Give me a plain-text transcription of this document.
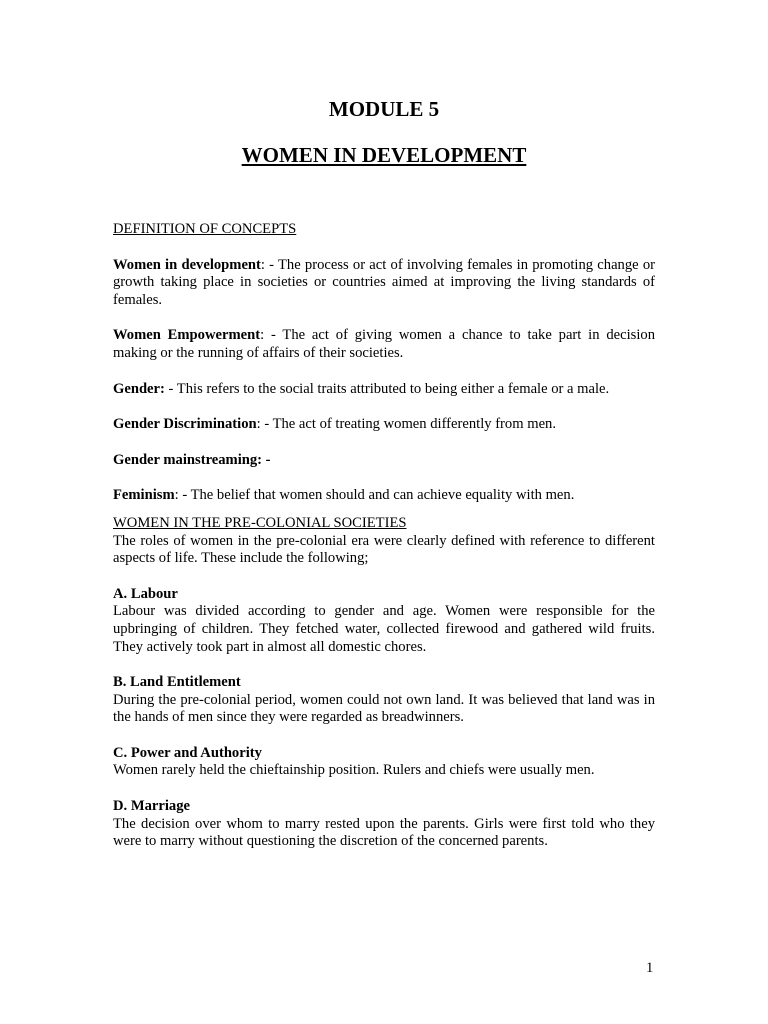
MODULE 5
WOMEN IN DEVELOPMENT
DEFINITION OF CONCEPTS

Women in development: - The process or act of involving females in promoting change or growth taking place in societies or countries aimed at improving the living standards of females.

Women Empowerment: - The act of giving women a chance to take part in decision making or the running of affairs of their societies.

Gender: - This refers to the social traits attributed to being either a female or a male.

Gender Discrimination: - The act of treating women differently from men.

Gender mainstreaming: -

Feminism: - The belief that women should and can achieve equality with men.

WOMEN IN THE PRE-COLONIAL SOCIETIES

The roles of women in the pre-colonial era were clearly defined with reference to different aspects of life. These include the following;

A. Labour

Labour was divided according to gender and age. Women were responsible for the upbringing of children. They fetched water, collected firewood and gathered wild fruits. They actively took part in almost all domestic chores.

B. Land Entitlement

During the pre-colonial period, women could not own land. It was believed that land was in the hands of men since they were regarded as breadwinners.

C. Power and Authority

Women rarely held the chieftainship position. Rulers and chiefs were usually men.

D. Marriage

The decision over whom to marry rested upon the parents. Girls were first told who they were to marry without questioning the discretion of the concerned parents.

1
